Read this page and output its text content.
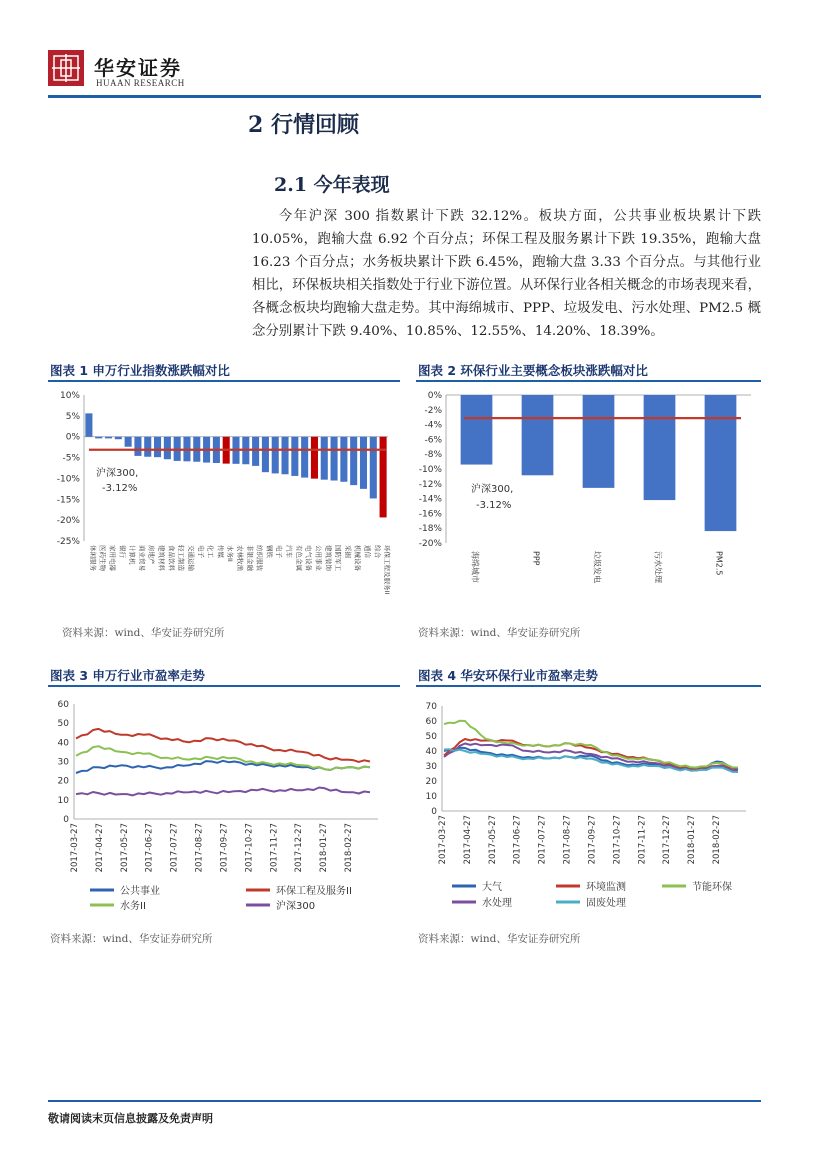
华安证券
HUAAN RESEARCH
2 行情回顾
2.1 今年表现
今年沪深 300 指数累计下跌 32.12%。板块方面，公共事业板块累计下跌 10.05%，跑输大盘 6.92 个百分点；环保工程及服务累计下跌 19.35%，跑输大盘 16.23 个百分点；水务板块累计下跌 6.45%，跑输大盘 3.33 个百分点。与其他行业相比，环保板块相关指数处于行业下游位置。从环保行业各相关概念的市场表现来看，各概念板块均跑输大盘走势。其中海绵城市、PPP、垃圾发电、污水处理、PM2.5 概念分别累计下跌 9.40%、10.85%、12.55%、14.20%、18.39%。
图表 1 申万行业指数涨跌幅对比
10%
5%
0%
-5%
-10%
-15%
-20%
-25%
休闲服务 医药生物 家用电器 银行 计算机 商业贸易 房地产 建筑材料 食品饮料 轻工制造 交通运输 电子 化工 传媒 水务II 农林牧渔 非银金融 纺织服装 钢铁 电子 汽车 有色金属 电气设备 公用事业 建筑装饰 国防军工 采掘 机械设备 通信 综合 环保工程及服务II
沪深300,
-3.12%
资料来源：wind、华安证券研究所
图表 2 环保行业主要概念板块涨跌幅对比
0%
-2%
-4%
-6%
-8%
-10%
-12%
-14%
-16%
-18%
-20%
海绵城市	PPP	垃圾发电	污水处理	PM2.5
沪深300,
-3.12%
资料来源：wind、华安证券研究所
图表 3 申万行业市盈率走势
60
50
40
30
20
10
0
2017-03-27 2017-04-27 2017-05-27 2017-06-27 2017-07-27 2017-08-27 2017-09-27 2017-10-27 2017-11-27 2017-12-27 2018-01-27 2018-02-27
公共事业	环保工程及服务II
水务II	沪深300
资料来源：wind、华安证券研究所
图表 4 华安环保行业市盈率走势
70
60
50
40
30
20
10
0
2017-03-27 2017-04-27 2017-05-27 2017-06-27 2017-07-27 2017-08-27 2017-09-27 2017-10-27 2017-11-27 2017-12-27 2018-01-27 2018-02-27
大气	环境监测	节能环保
水处理	固废处理
资料来源：wind、华安证券研究所
敬请阅读末页信息披露及免责声明
